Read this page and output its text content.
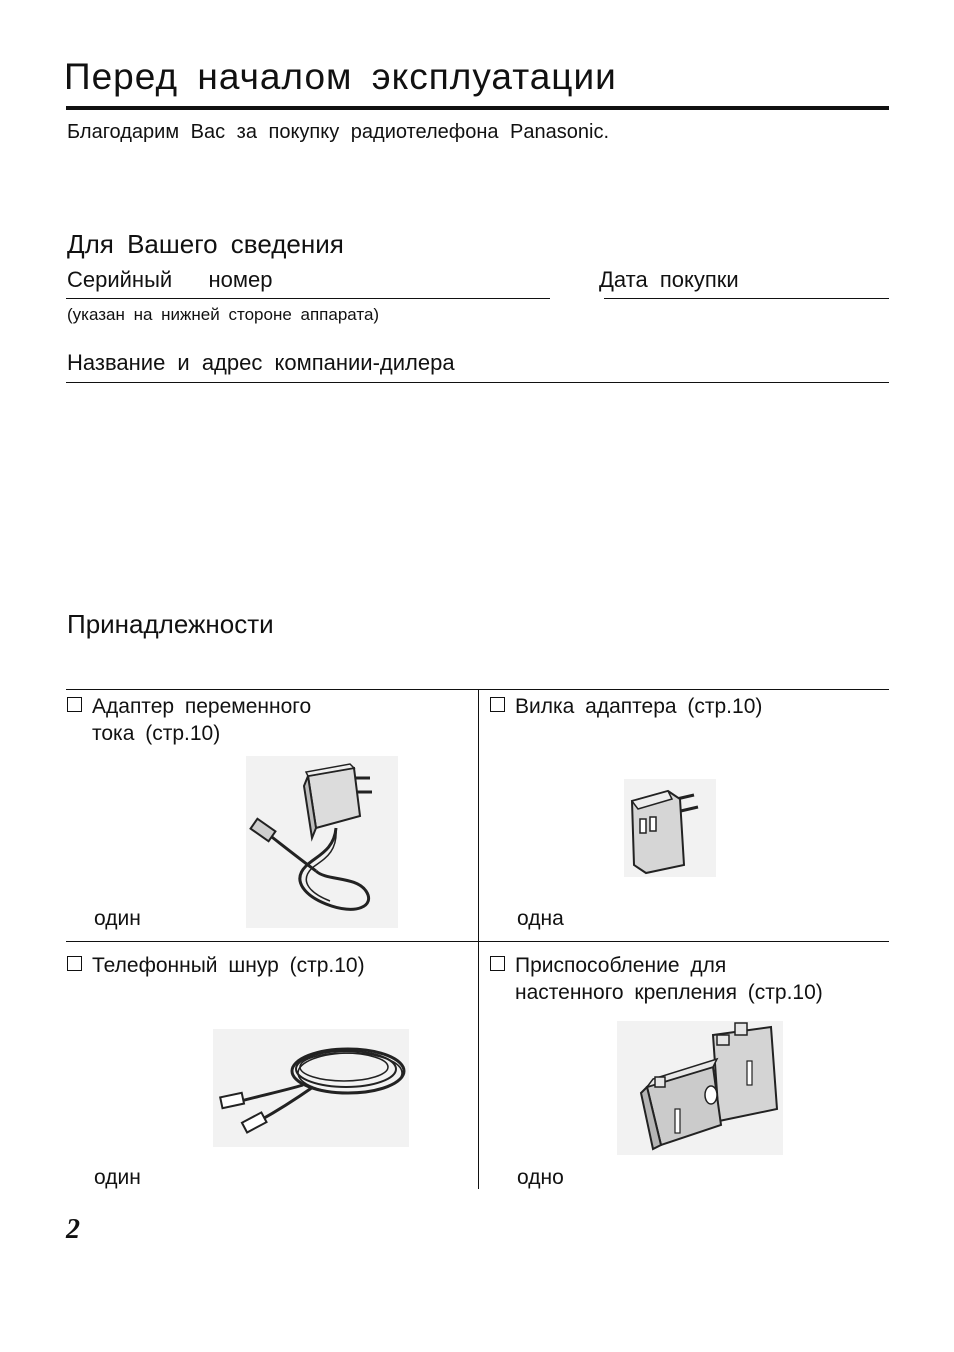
Перед началом эксплуатации
Благодарим Вас за покупку радиотелефона Panasonic.
Для Вашего сведения
Серийный   номер	Дата покупки
(указан на нижней стороне аппарата)
Название и адрес компании-дилера
Принадлежности
Адаптер переменного
тока (стр.10)
один
Вилка адаптера (стр.10)
одна
Телефонный шнур (стр.10)
один
Приспособление для
настенного крепления (стр.10)
одно
2
